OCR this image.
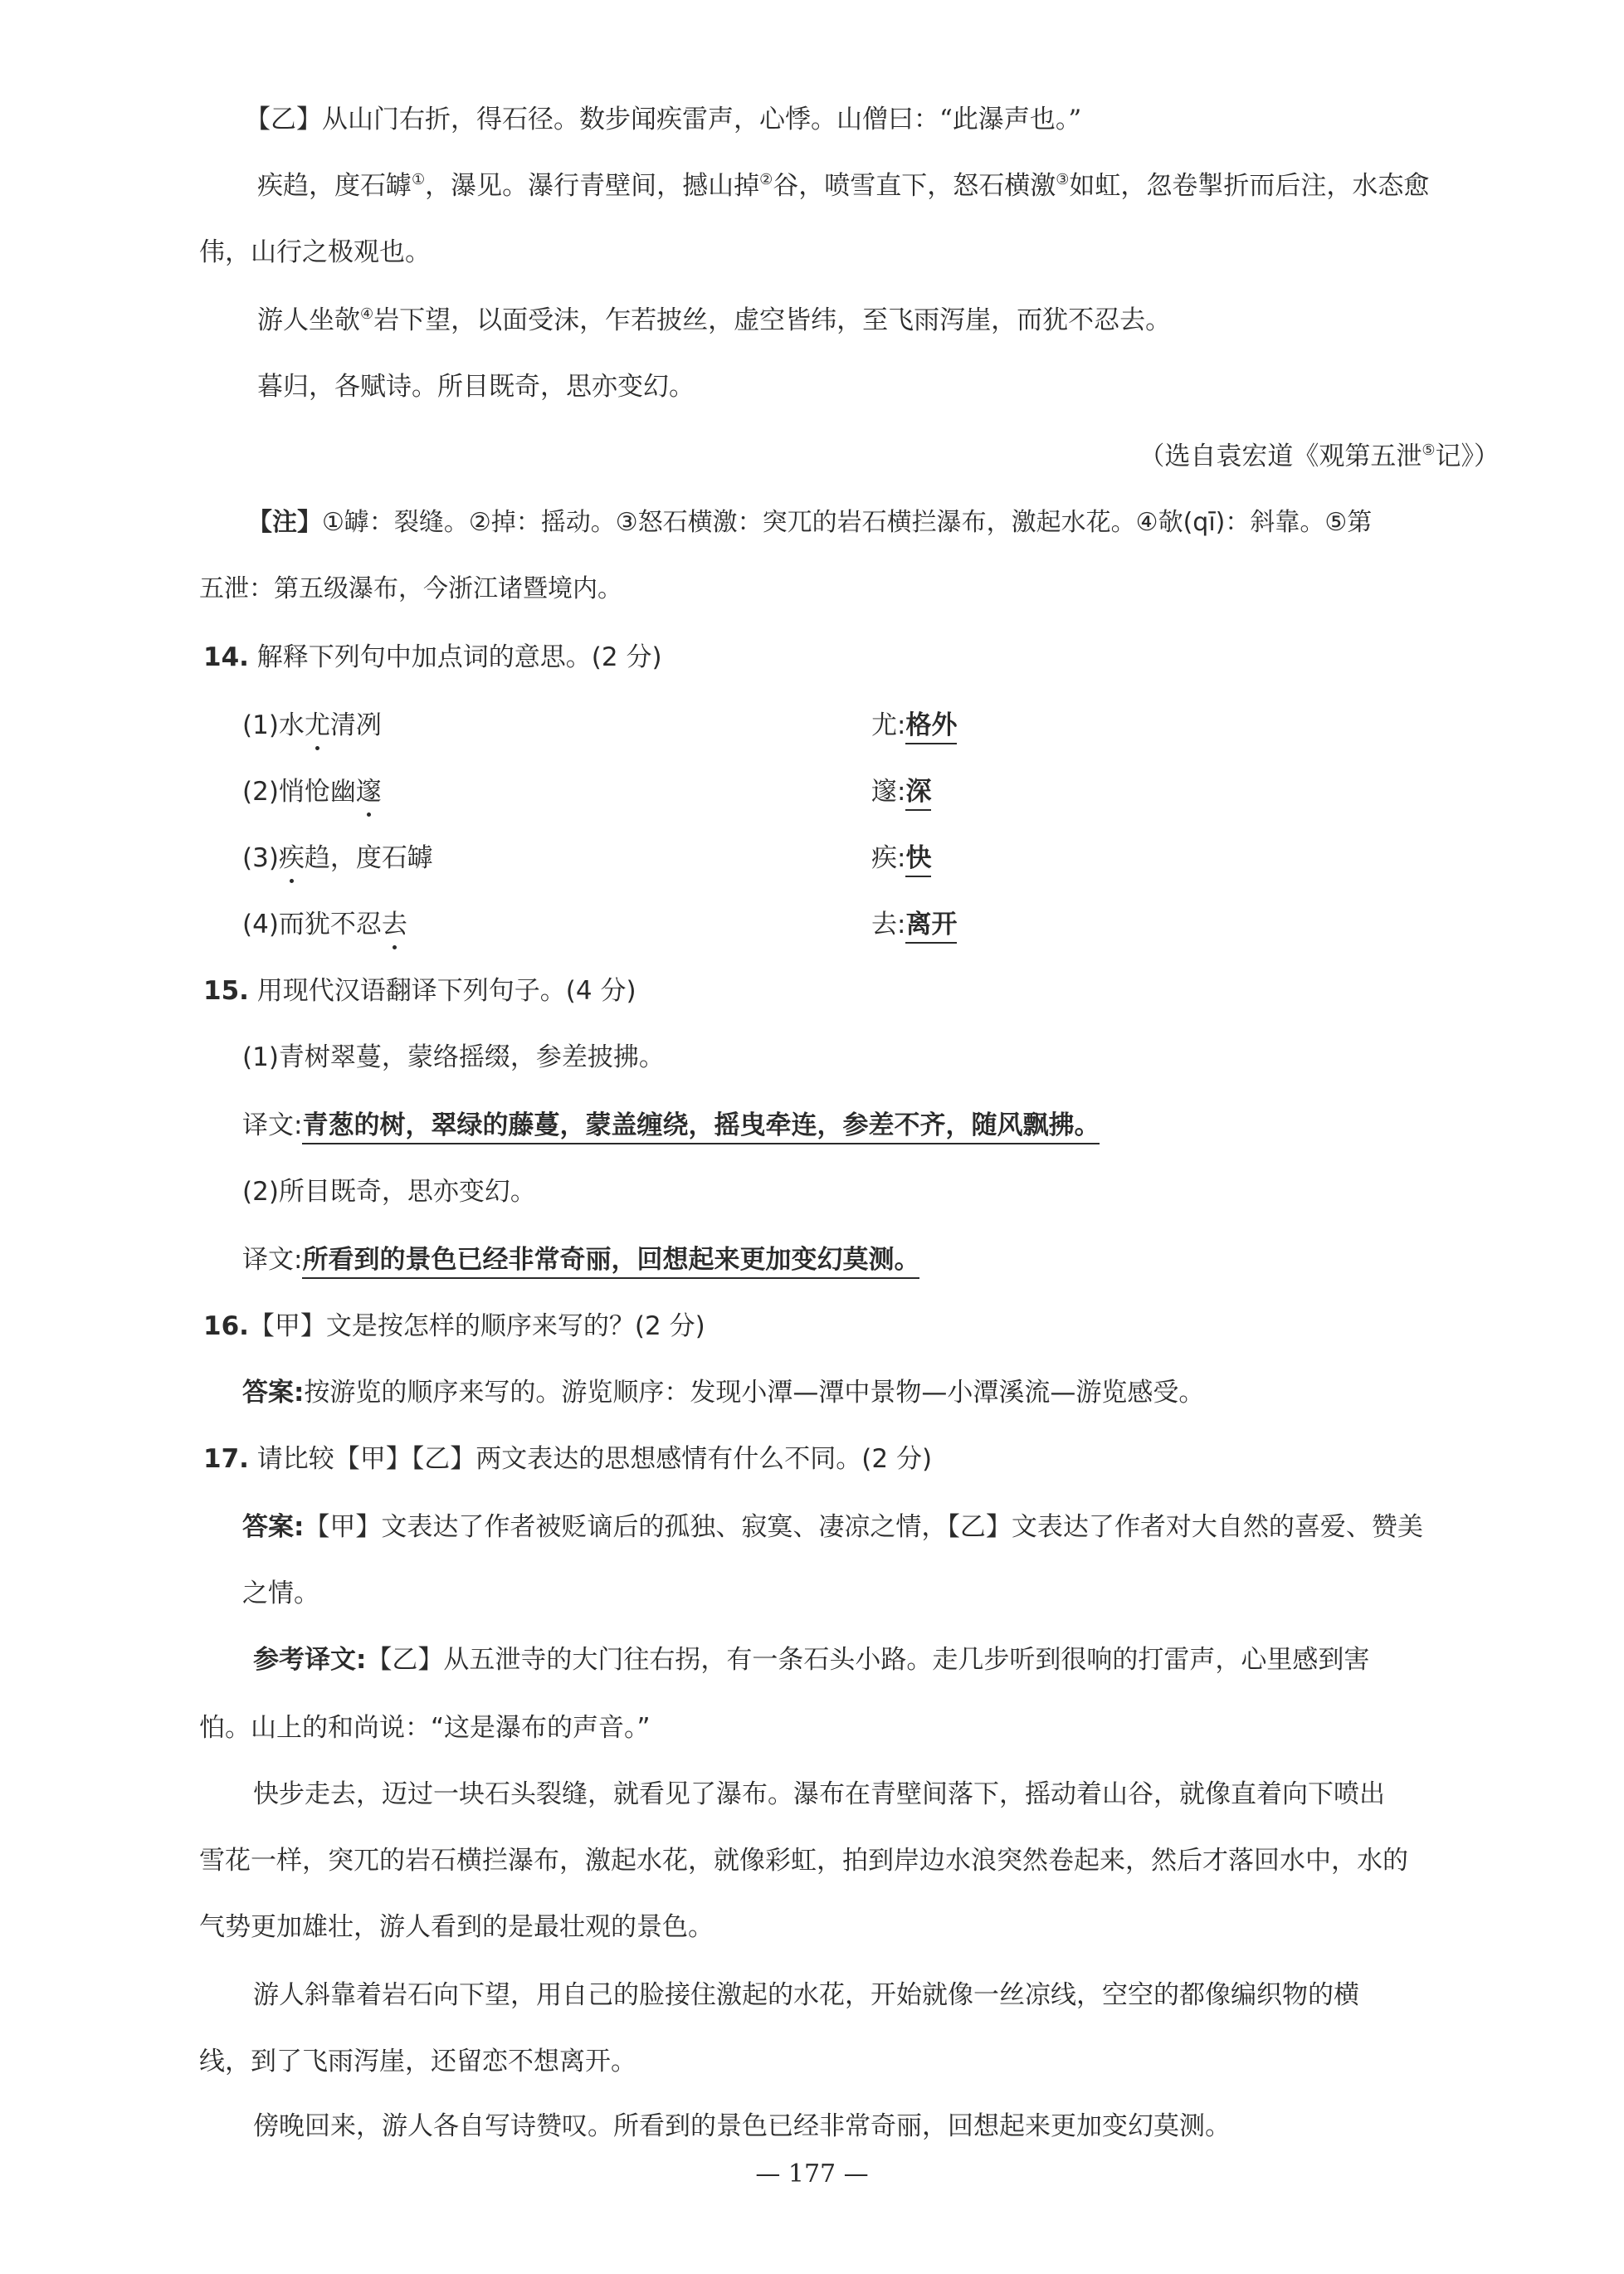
【乙】从山门右折，得石径。数步闻疾雷声，心悸。山僧曰：“此瀑声也。”
疾趋，度石罅①，瀑见。瀑行青壁间，撼山掉②谷，喷雪直下，怒石横激③如虹，忽卷掣折而后注，水态愈
伟，山行之极观也。
游人坐欹④岩下望，以面受沫，乍若披丝，虚空皆纬，至飞雨泻崖，而犹不忍去。
暮归，各赋诗。所目既奇，思亦变幻。
（选自袁宏道《观第五泄⑤记》）
【注】①罅：裂缝。②掉：摇动。③怒石横激：突兀的岩石横拦瀑布，激起水花。④欹(qī)：斜靠。⑤第
五泄：第五级瀑布，今浙江诸暨境内。
14. 解释下列句中加点词的意思。(2 分)
(1)水尤清冽	尤:格外
(2)悄怆幽邃	邃:深
(3)疾趋，度石罅	疾:快
(4)而犹不忍去	去:离开
15. 用现代汉语翻译下列句子。(4 分)
(1)青树翠蔓，蒙络摇缀，参差披拂。
译文:青葱的树，翠绿的藤蔓，蒙盖缠绕，摇曳牵连，参差不齐，随风飘拂。
(2)所目既奇，思亦变幻。
译文:所看到的景色已经非常奇丽，回想起来更加变幻莫测。
16.【甲】文是按怎样的顺序来写的？(2 分)
答案:按游览的顺序来写的。游览顺序：发现小潭—潭中景物—小潭溪流—游览感受。
17. 请比较【甲】【乙】两文表达的思想感情有什么不同。(2 分)
答案:【甲】文表达了作者被贬谪后的孤独、寂寞、凄凉之情，【乙】文表达了作者对大自然的喜爱、赞美
之情。
参考译文:【乙】从五泄寺的大门往右拐，有一条石头小路。走几步听到很响的打雷声，心里感到害
怕。山上的和尚说：“这是瀑布的声音。”
快步走去，迈过一块石头裂缝，就看见了瀑布。瀑布在青壁间落下，摇动着山谷，就像直着向下喷出
雪花一样，突兀的岩石横拦瀑布，激起水花，就像彩虹，拍到岸边水浪突然卷起来，然后才落回水中，水的
气势更加雄壮，游人看到的是最壮观的景色。
游人斜靠着岩石向下望，用自己的脸接住激起的水花，开始就像一丝凉线，空空的都像编织物的横
线，到了飞雨泻崖，还留恋不想离开。
傍晚回来，游人各自写诗赞叹。所看到的景色已经非常奇丽，回想起来更加变幻莫测。
— 177 —
